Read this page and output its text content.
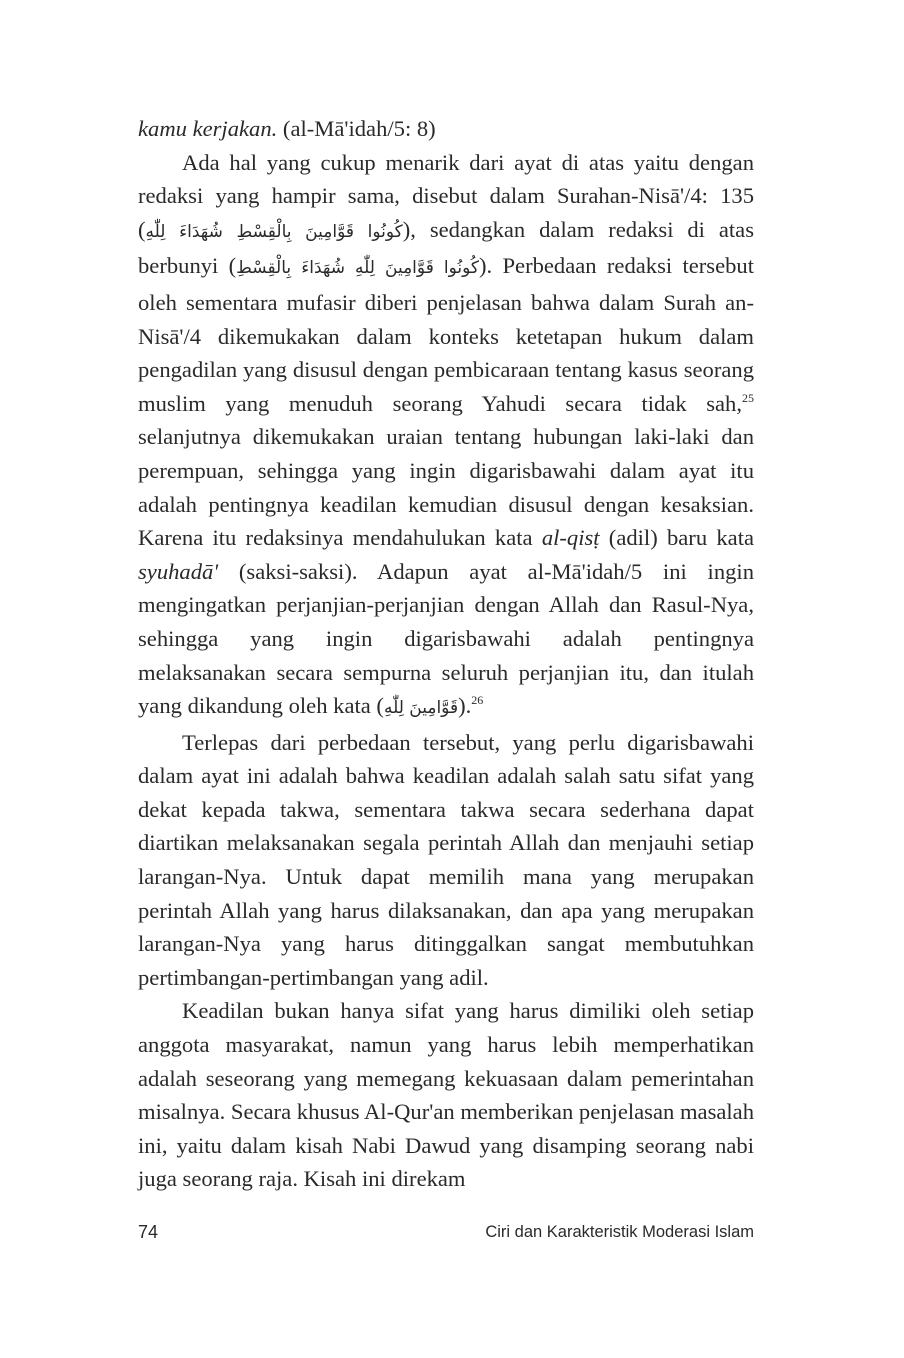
kamu kerjakan. (al-Mā'idah/5: 8)

Ada hal yang cukup menarik dari ayat di atas yaitu dengan redaksi yang hampir sama, disebut dalam Surahan-Nisā'/4: 135 (كُونُوا قَوَّامِينَ بِالْقِسْطِ شُهَدَاءَ لِلّٰهِ), sedangkan dalam redaksi di atas berbunyi (كُونُوا قَوَّامِينَ لِلّٰهِ شُهَدَاءَ بِالْقِسْطِ). Perbedaan redaksi tersebut oleh sementara mufasir diberi penjelasan bahwa dalam Surah an-Nisā'/4 dikemukakan dalam konteks ketetapan hukum dalam pengadilan yang disusul dengan pembicaraan tentang kasus seorang muslim yang menuduh seorang Yahudi secara tidak sah,$^{25}$ selanjutnya dikemukakan uraian tentang hubungan laki-laki dan perempuan, sehingga yang ingin digarisbawahi dalam ayat itu adalah pentingnya keadilan kemudian disusul dengan kesaksian. Karena itu redaksinya mendahulukan kata al-qisṭ (adil) baru kata syuhadā' (saksi-saksi). Adapun ayat al-Mā'idah/5 ini ingin mengingatkan perjanjian-perjanjian dengan Allah dan Rasul-Nya, sehingga yang ingin digarisbawahi adalah pentingnya melaksanakan secara sempurna seluruh perjanjian itu, dan itulah yang dikandung oleh kata (قَوَّامِينَ لِلّٰهِ).$^{26}$

Terlepas dari perbedaan tersebut, yang perlu digarisbawahi dalam ayat ini adalah bahwa keadilan adalah salah satu sifat yang dekat kepada takwa, sementara takwa secara sederhana dapat diartikan melaksanakan segala perintah Allah dan menjauhi setiap larangan-Nya. Untuk dapat memilih mana yang merupakan perintah Allah yang harus dilaksanakan, dan apa yang merupakan larangan-Nya yang harus ditinggalkan sangat membutuhkan pertimbangan-pertimbangan yang adil.

Keadilan bukan hanya sifat yang harus dimiliki oleh setiap anggota masyarakat, namun yang harus lebih memperhatikan adalah seseorang yang memegang kekuasaan dalam pemerintahan misalnya. Secara khusus Al-Qur'an memberikan penjelasan masalah ini, yaitu dalam kisah Nabi Dawud yang disamping seorang nabi juga seorang raja. Kisah ini direkam

74	Ciri dan Karakteristik Moderasi Islam
